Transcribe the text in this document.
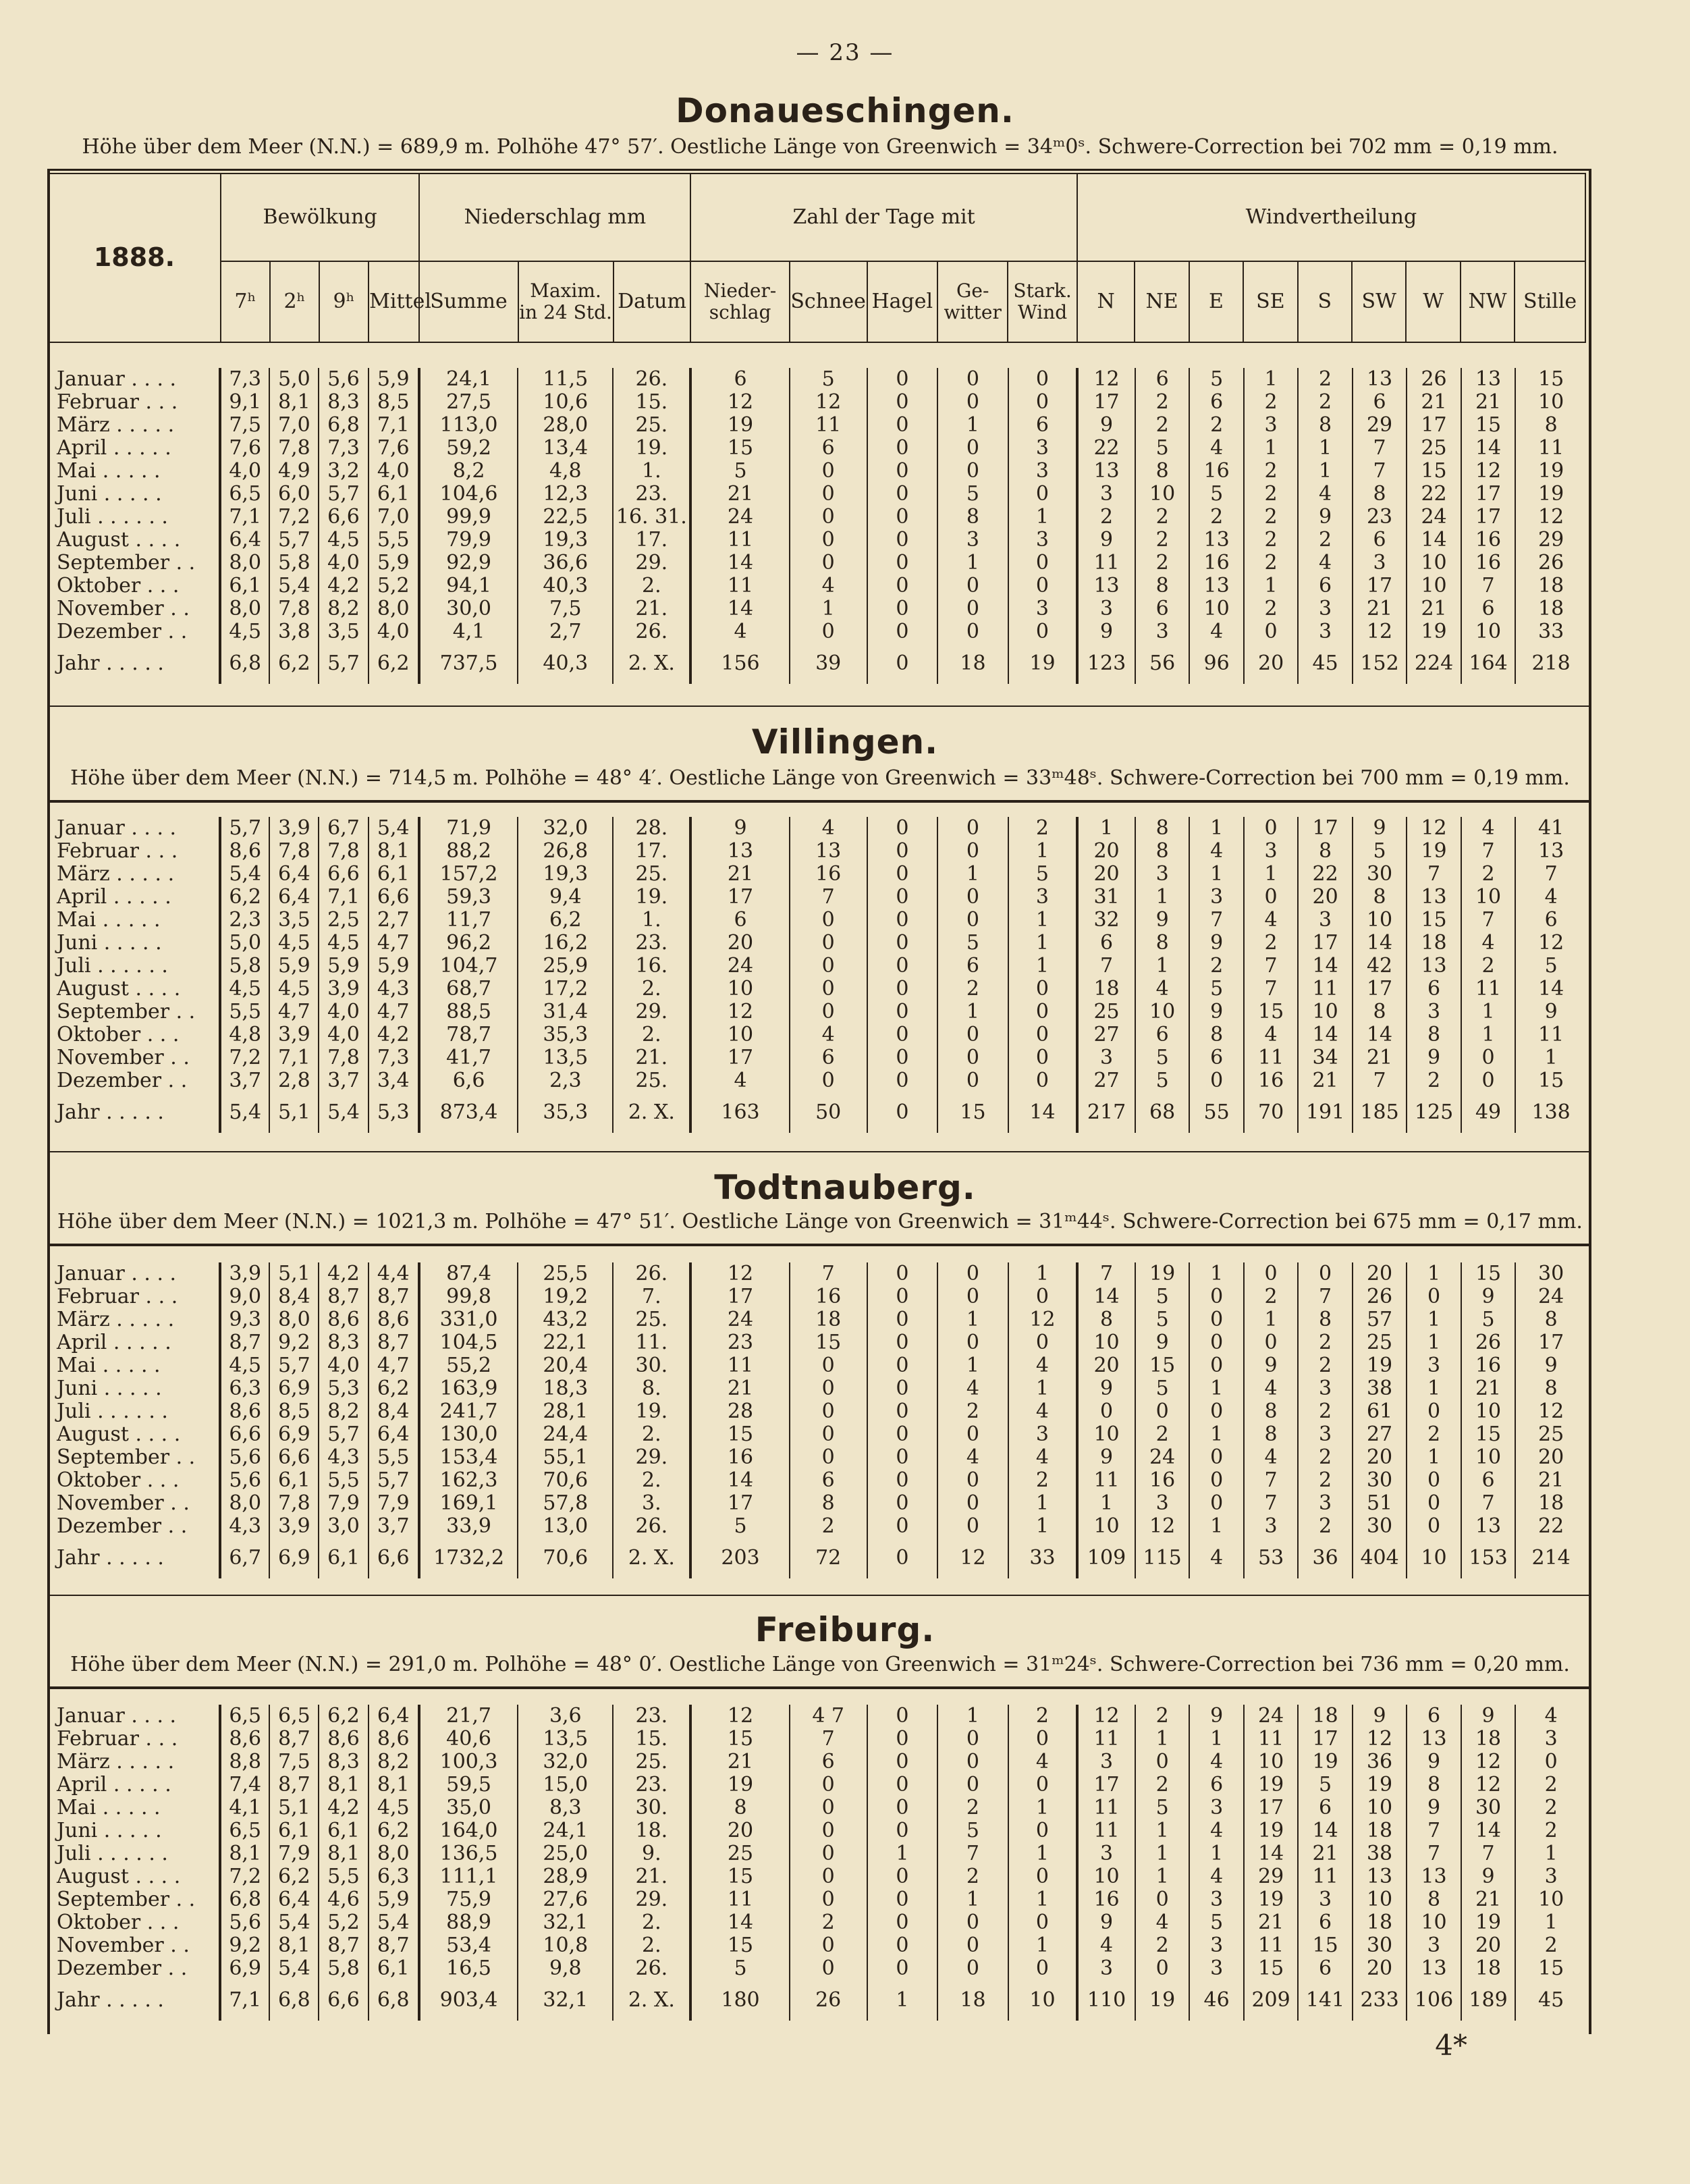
— 23 —
Donaueschingen.
Höhe über dem Meer (N.N.) = 689,9 m. Polhöhe 47° 57′. Oestliche Länge von Greenwich = 34ᵐ0ˢ. Schwere-Correction bei 702 mm = 0,19 mm.
1888.	Bewölkung				Niederschlag mm			Zahl der Tage mit					Windvertheilung								
	7ʰ	2ʰ	9ʰ	Mittel	Summe	Maxim. in 24 Std.	Datum	Nieder- schlag	Schnee	Hagel	Ge- witter	Stark. Wind	N	NE	E	SE	S	SW	W	NW	Stille
Januar . . . .	7,3	5,0	5,6	5,9	24,1	11,5	26.	6	5	0	0	0	12	6	5	1	2	13	26	13	15
Februar . . .	9,1	8,1	8,3	8,5	27,5	10,6	15.	12	12	0	0	0	17	2	6	2	2	6	21	21	10
März . . . . .	7,5	7,0	6,8	7,1	113,0	28,0	25.	19	11	0	1	6	9	2	2	3	8	29	17	15	8
April . . . . .	7,6	7,8	7,3	7,6	59,2	13,4	19.	15	6	0	0	3	22	5	4	1	1	7	25	14	11
Mai . . . . .	4,0	4,9	3,2	4,0	8,2	4,8	1.	5	0	0	0	3	13	8	16	2	1	7	15	12	19
Juni . . . . .	6,5	6,0	5,7	6,1	104,6	12,3	23.	21	0	0	5	0	3	10	5	2	4	8	22	17	19
Juli . . . . . .	7,1	7,2	6,6	7,0	99,9	22,5	16. 31.	24	0	0	8	1	2	2	2	2	9	23	24	17	12
August . . . .	6,4	5,7	4,5	5,5	79,9	19,3	17.	11	0	0	3	3	9	2	13	2	2	6	14	16	29
September . .	8,0	5,8	4,0	5,9	92,9	36,6	29.	14	0	0	1	0	11	2	16	2	4	3	10	16	26
Oktober . . .	6,1	5,4	4,2	5,2	94,1	40,3	2.	11	4	0	0	0	13	8	13	1	6	17	10	7	18
November . .	8,0	7,8	8,2	8,0	30,0	7,5	21.	14	1	0	0	3	3	6	10	2	3	21	21	6	18
Dezember . .	4,5	3,8	3,5	4,0	4,1	2,7	26.	4	0	0	0	0	9	3	4	0	3	12	19	10	33
Jahr . . . . .	6,8	6,2	5,7	6,2	737,5	40,3	2. X.	156	39	0	18	19	123	56	96	20	45	152	224	164	218
Villingen.
Höhe über dem Meer (N.N.) = 714,5 m. Polhöhe = 48° 4′. Oestliche Länge von Greenwich = 33ᵐ48ˢ. Schwere-Correction bei 700 mm = 0,19 mm.
Januar . . . .	5,7	3,9	6,7	5,4	71,9	32,0	28.	9	4	0	0	2	1	8	1	0	17	9	12	4	41
Februar . . .	8,6	7,8	7,8	8,1	88,2	26,8	17.	13	13	0	0	1	20	8	4	3	8	5	19	7	13
März . . . . .	5,4	6,4	6,6	6,1	157,2	19,3	25.	21	16	0	1	5	20	3	1	1	22	30	7	2	7
April . . . . .	6,2	6,4	7,1	6,6	59,3	9,4	19.	17	7	0	0	3	31	1	3	0	20	8	13	10	4
Mai . . . . .	2,3	3,5	2,5	2,7	11,7	6,2	1.	6	0	0	0	1	32	9	7	4	3	10	15	7	6
Juni . . . . .	5,0	4,5	4,5	4,7	96,2	16,2	23.	20	0	0	5	1	6	8	9	2	17	14	18	4	12
Juli . . . . . .	5,8	5,9	5,9	5,9	104,7	25,9	16.	24	0	0	6	1	7	1	2	7	14	42	13	2	5
August . . . .	4,5	4,5	3,9	4,3	68,7	17,2	2.	10	0	0	2	0	18	4	5	7	11	17	6	11	14
September . .	5,5	4,7	4,0	4,7	88,5	31,4	29.	12	0	0	1	0	25	10	9	15	10	8	3	1	9
Oktober . . .	4,8	3,9	4,0	4,2	78,7	35,3	2.	10	4	0	0	0	27	6	8	4	14	14	8	1	11
November . .	7,2	7,1	7,8	7,3	41,7	13,5	21.	17	6	0	0	0	3	5	6	11	34	21	9	0	1
Dezember . .	3,7	2,8	3,7	3,4	6,6	2,3	25.	4	0	0	0	0	27	5	0	16	21	7	2	0	15
Jahr . . . . .	5,4	5,1	5,4	5,3	873,4	35,3	2. X.	163	50	0	15	14	217	68	55	70	191	185	125	49	138
Todtnauberg.
Höhe über dem Meer (N.N.) = 1021,3 m. Polhöhe = 47° 51′. Oestliche Länge von Greenwich = 31ᵐ44ˢ. Schwere-Correction bei 675 mm = 0,17 mm.
Januar . . . .	3,9	5,1	4,2	4,4	87,4	25,5	26.	12	7	0	0	1	7	19	1	0	0	20	1	15	30
Februar . . .	9,0	8,4	8,7	8,7	99,8	19,2	7.	17	16	0	0	0	14	5	0	2	7	26	0	9	24
März . . . . .	9,3	8,0	8,6	8,6	331,0	43,2	25.	24	18	0	1	12	8	5	0	1	8	57	1	5	8
April . . . . .	8,7	9,2	8,3	8,7	104,5	22,1	11.	23	15	0	0	0	10	9	0	0	2	25	1	26	17
Mai . . . . .	4,5	5,7	4,0	4,7	55,2	20,4	30.	11	0	0	1	4	20	15	0	9	2	19	3	16	9
Juni . . . . .	6,3	6,9	5,3	6,2	163,9	18,3	8.	21	0	0	4	1	9	5	1	4	3	38	1	21	8
Juli . . . . . .	8,6	8,5	8,2	8,4	241,7	28,1	19.	28	0	0	2	4	0	0	0	8	2	61	0	10	12
August . . . .	6,6	6,9	5,7	6,4	130,0	24,4	2.	15	0	0	0	3	10	2	1	8	3	27	2	15	25
September . .	5,6	6,6	4,3	5,5	153,4	55,1	29.	16	0	0	4	4	9	24	0	4	2	20	1	10	20
Oktober . . .	5,6	6,1	5,5	5,7	162,3	70,6	2.	14	6	0	0	2	11	16	0	7	2	30	0	6	21
November . .	8,0	7,8	7,9	7,9	169,1	57,8	3.	17	8	0	0	1	1	3	0	7	3	51	0	7	18
Dezember . .	4,3	3,9	3,0	3,7	33,9	13,0	26.	5	2	0	0	1	10	12	1	3	2	30	0	13	22
Jahr . . . . .	6,7	6,9	6,1	6,6	1732,2	70,6	2. X.	203	72	0	12	33	109	115	4	53	36	404	10	153	214
Freiburg.
Höhe über dem Meer (N.N.) = 291,0 m. Polhöhe = 48° 0′. Oestliche Länge von Greenwich = 31ᵐ24ˢ. Schwere-Correction bei 736 mm = 0,20 mm.
Januar . . . .	6,5	6,5	6,2	6,4	21,7	3,6	23.	12	4 7	0	1	2	12	2	9	24	18	9	6	9	4
Februar . . .	8,6	8,7	8,6	8,6	40,6	13,5	15.	15	7	0	0	0	11	1	1	11	17	12	13	18	3
März . . . . .	8,8	7,5	8,3	8,2	100,3	32,0	25.	21	6	0	0	4	3	0	4	10	19	36	9	12	0
April . . . . .	7,4	8,7	8,1	8,1	59,5	15,0	23.	19	0	0	0	0	17	2	6	19	5	19	8	12	2
Mai . . . . .	4,1	5,1	4,2	4,5	35,0	8,3	30.	8	0	0	2	1	11	5	3	17	6	10	9	30	2
Juni . . . . .	6,5	6,1	6,1	6,2	164,0	24,1	18.	20	0	0	5	0	11	1	4	19	14	18	7	14	2
Juli . . . . . .	8,1	7,9	8,1	8,0	136,5	25,0	9.	25	0	1	7	1	3	1	1	14	21	38	7	7	1
August . . . .	7,2	6,2	5,5	6,3	111,1	28,9	21.	15	0	0	2	0	10	1	4	29	11	13	13	9	3
September . .	6,8	6,4	4,6	5,9	75,9	27,6	29.	11	0	0	1	1	16	0	3	19	3	10	8	21	10
Oktober . . .	5,6	5,4	5,2	5,4	88,9	32,1	2.	14	2	0	0	0	9	4	5	21	6	18	10	19	1
November . .	9,2	8,1	8,7	8,7	53,4	10,8	2.	15	0	0	0	1	4	2	3	11	15	30	3	20	2
Dezember . .	6,9	5,4	5,8	6,1	16,5	9,8	26.	5	0	0	0	0	3	0	3	15	6	20	13	18	15
Jahr . . . . .	7,1	6,8	6,6	6,8	903,4	32,1	2. X.	180	26	1	18	10	110	19	46	209	141	233	106	189	45
4*
